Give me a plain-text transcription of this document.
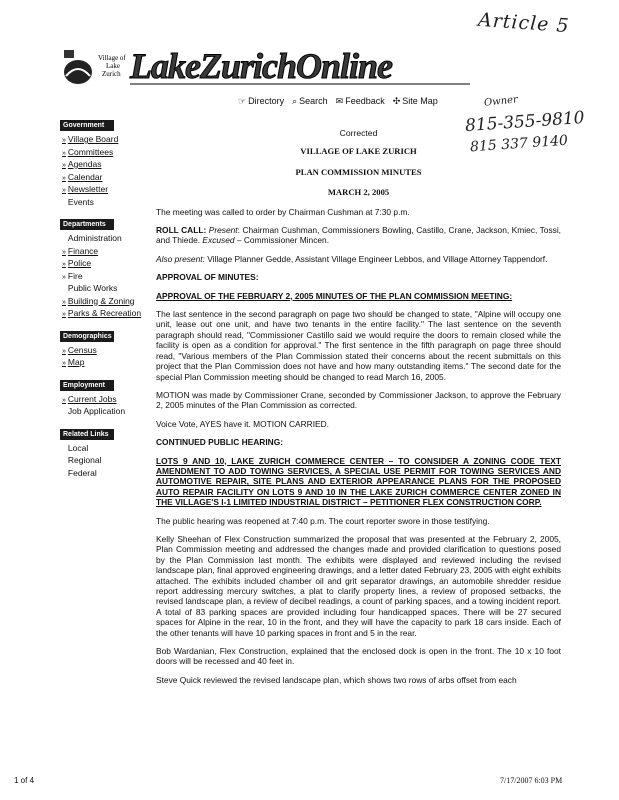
Article 5
Owner
815-355-9810
815 337 9140
Village of
Lake
Zurich LakeZurichOnline
☞ Directory ⌕ Search ✉ Feedback ✣ Site Map
Government
» Village Board
» Committees
» Agendas
» Calendar
» Newsletter
Events
Departments
Administration
» Finance
» Police
» Fire
Public Works
» Building & Zoning
» Parks & Recreation
Demographics
» Census
» Map
Employment
» Current Jobs
Job Application
Related Links
Local
Regional
Federal
Corrected
VILLAGE OF LAKE ZURICH
PLAN COMMISSION MINUTES
MARCH 2, 2005

The meeting was called to order by Chairman Cushman at 7:30 p.m.

ROLL CALL: Present: Chairman Cushman, Commissioners Bowling, Castillo, Crane, Jackson, Kmiec, Tossi, and Thiede. Excused – Commissioner Mincen.

Also present: Village Planner Gedde, Assistant Village Engineer Lebbos, and Village Attorney Tappendorf.

APPROVAL OF MINUTES:

APPROVAL OF THE FEBRUARY 2, 2005 MINUTES OF THE PLAN COMMISSION MEETING:

The last sentence in the second paragraph on page two should be changed to state, "Alpine will occupy one unit, lease out one unit, and have two tenants in the entire facility." The last sentence on the seventh paragraph should read, "Commissioner Castillo said we would require the doors to remain closed while the facility is open as a condition for approval." The first sentence in the fifth paragraph on page three should read, "Various members of the Plan Commission stated their concerns about the recent submittals on this project that the Plan Commission does not have and how many outstanding items." The second date for the special Plan Commission meeting should be changed to read March 16, 2005.

MOTION was made by Commissioner Crane, seconded by Commissioner Jackson, to approve the February 2, 2005 minutes of the Plan Commission as corrected.

Voice Vote, AYES have it. MOTION CARRIED.

CONTINUED PUBLIC HEARING:

LOTS 9 AND 10, LAKE ZURICH COMMERCE CENTER – TO CONSIDER A ZONING CODE TEXT AMENDMENT TO ADD TOWING SERVICES, A SPECIAL USE PERMIT FOR TOWING SERVICES AND AUTOMOTIVE REPAIR, SITE PLANS AND EXTERIOR APPEARANCE PLANS FOR THE PROPOSED AUTO REPAIR FACILITY ON LOTS 9 AND 10 IN THE LAKE ZURICH COMMERCE CENTER ZONED IN THE VILLAGE'S I-1 LIMITED INDUSTRIAL DISTRICT – PETITIONER FLEX CONSTRUCTION CORP.

The public hearing was reopened at 7:40 p.m. The court reporter swore in those testifying.

Kelly Sheehan of Flex Construction summarized the proposal that was presented at the February 2, 2005, Plan Commission meeting and addressed the changes made and provided clarification to questions posed by the Plan Commission last month. The exhibits were displayed and reviewed including the revised landscape plan, final approved engineering drawings, and a letter dated February 23, 2005 with eight exhibits attached. The exhibits included chamber oil and grit separator drawings, an automobile shredder residue report addressing mercury switches, a plat to clarify property lines, a review of proposed setbacks, the revised landscape plan, a review of decibel readings, a count of parking spaces, and a towing incident report. A total of 83 parking spaces are provided including four handicapped spaces. There will be 27 secured spaces for Alpine in the rear, 10 in the front, and they will have the capacity to park 18 cars inside. Each of the other tenants will have 10 parking spaces in front and 5 in the rear.

Bob Wardanian, Flex Construction, explained that the enclosed dock is open in the front. The 10 x 10 foot doors will be recessed and 40 feet in.

Steve Quick reviewed the revised landscape plan, which shows two rows of arbs offset from each

1 of 4	7/17/2007 6:03 PM
